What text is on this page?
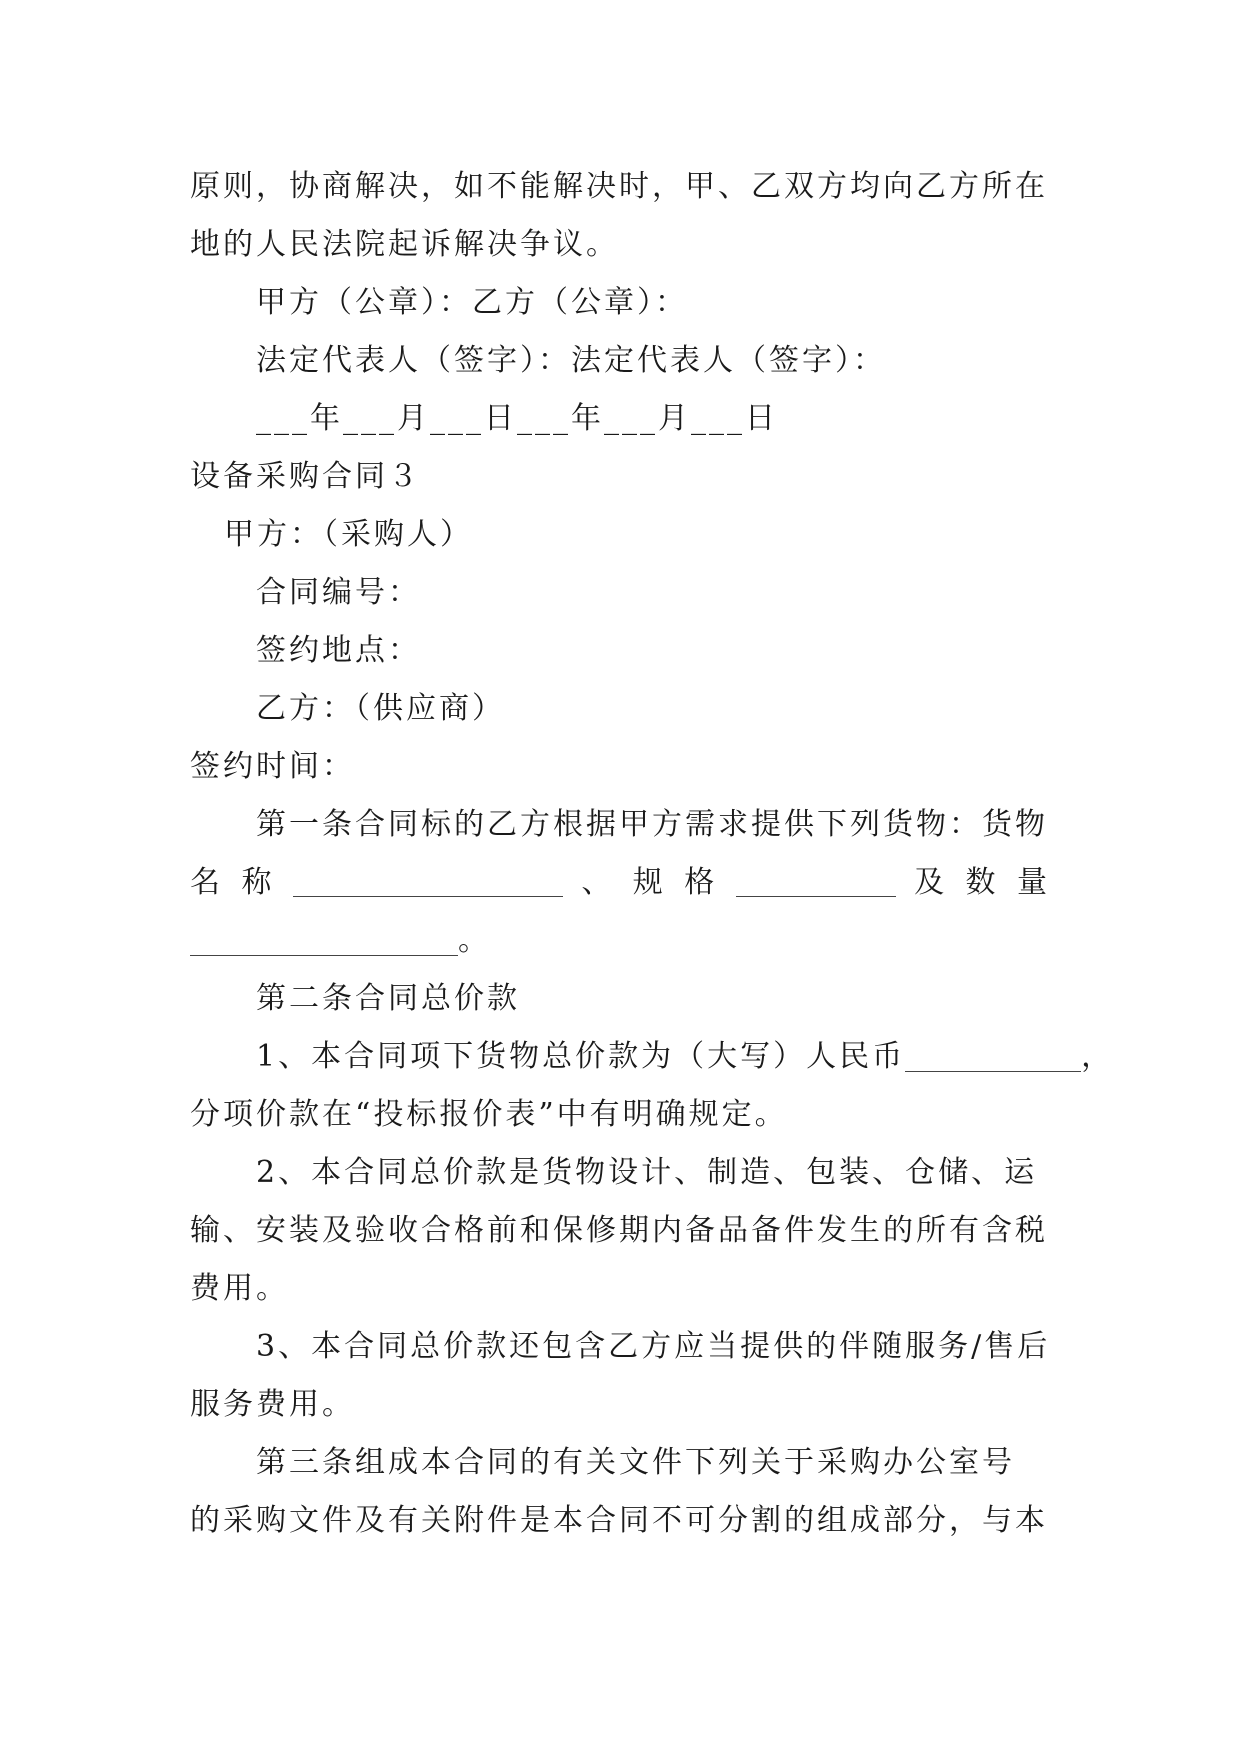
原则，协商解决，如不能解决时，甲、乙双方均向乙方所在
地的人民法院起诉解决争议。
甲方（公章）：乙方（公章）：
法定代表人（签字）：法定代表人（签字）：
___年___月___日___年___月___日
设备采购合同３
甲方：（采购人）
合同编号：
签约地点：
乙方：（供应商）
签约时间：
第一条合同标的乙方根据甲方需求提供下列货物：货物
名 称	、 规 格	及 数 量
。
第二条合同总价款
1、本合同项下货物总价款为（大写）人民币	，
分项价款在“投标报价表”中有明确规定。
2、本合同总价款是货物设计、制造、包装、仓储、运
输、安装及验收合格前和保修期内备品备件发生的所有含税
费用。
3、本合同总价款还包含乙方应当提供的伴随服务/售后
服务费用。
第三条组成本合同的有关文件下列关于采购办公室号
的采购文件及有关附件是本合同不可分割的组成部分，与本
